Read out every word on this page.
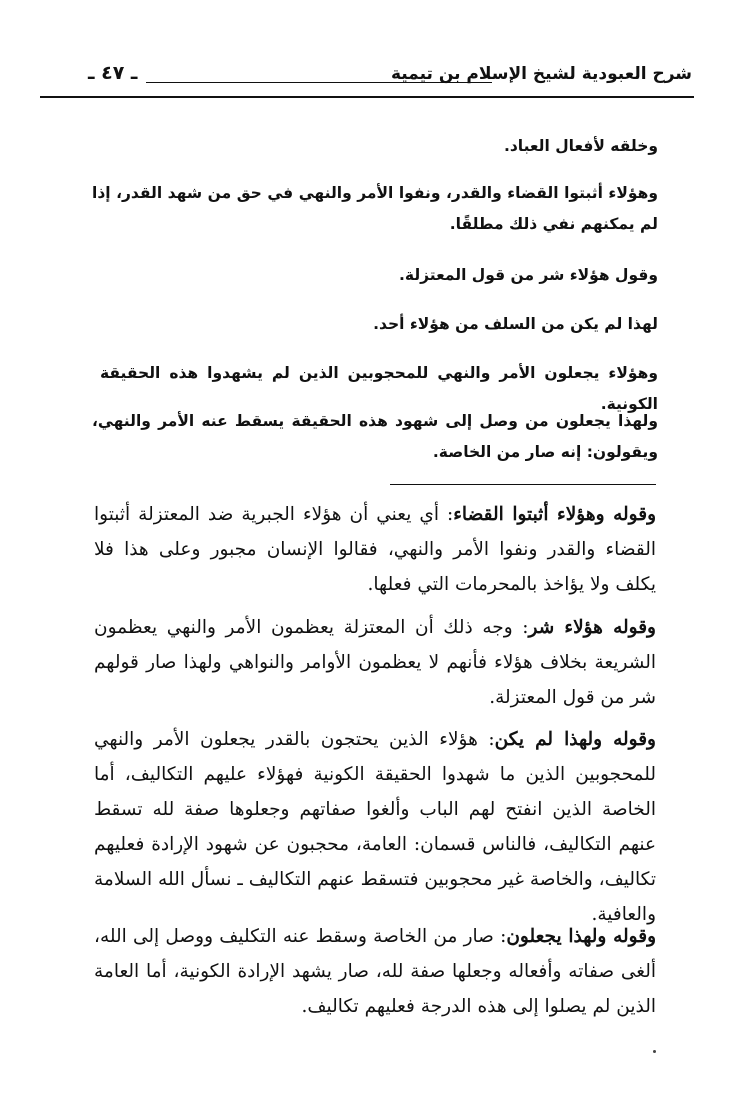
شرح العبودية لشيخ الإسلام بن تيمية
ـ ٤٧ ـ

وخلقه لأفعال العباد.

وهؤلاء أثبتوا القضاء والقدر، ونفوا الأمر والنهي في حق من شهد القدر، إذا لم يمكنهم نفي ذلك مطلقًا.

وقول هؤلاء شر من قول المعتزلة.

لهذا لم يكن من السلف من هؤلاء أحد.

وهؤلاء يجعلون الأمر والنهي للمحجوبين الذين لم يشهدوا هذه الحقيقة الكونية.

ولهذا يجعلون من وصل إلى شهود هذه الحقيقة يسقط عنه الأمر والنهي، ويقولون: إنه صار من الخاصة.

وقوله وهؤلاء أثبتوا القضاء: أي يعني أن هؤلاء الجبرية ضد المعتزلة أثبتوا القضاء والقدر ونفوا الأمر والنهي، فقالوا الإنسان مجبور وعلى هذا فلا يكلف ولا يؤاخذ بالمحرمات التي فعلها.

وقوله هؤلاء شر: وجه ذلك أن المعتزلة يعظمون الأمر والنهي يعظمون الشريعة بخلاف هؤلاء فأنهم لا يعظمون الأوامر والنواهي ولهذا صار قولهم شر من قول المعتزلة.

وقوله ولهذا لم يكن: هؤلاء الذين يحتجون بالقدر يجعلون الأمر والنهي للمحجوبين الذين ما شهدوا الحقيقة الكونية فهؤلاء عليهم التكاليف، أما الخاصة الذين انفتح لهم الباب وألغوا صفاتهم وجعلوها صفة لله تسقط عنهم التكاليف، فالناس قسمان: العامة، محجبون عن شهود الإرادة فعليهم تكاليف، والخاصة غير محجوبين فتسقط عنهم التكاليف ـ نسأل الله السلامة والعافية.

وقوله ولهذا يجعلون: صار من الخاصة وسقط عنه التكليف ووصل إلى الله، ألغى صفاته وأفعاله وجعلها صفة لله، صار يشهد الإرادة الكونية، أما العامة الذين لم يصلوا إلى هذه الدرجة فعليهم تكاليف.
